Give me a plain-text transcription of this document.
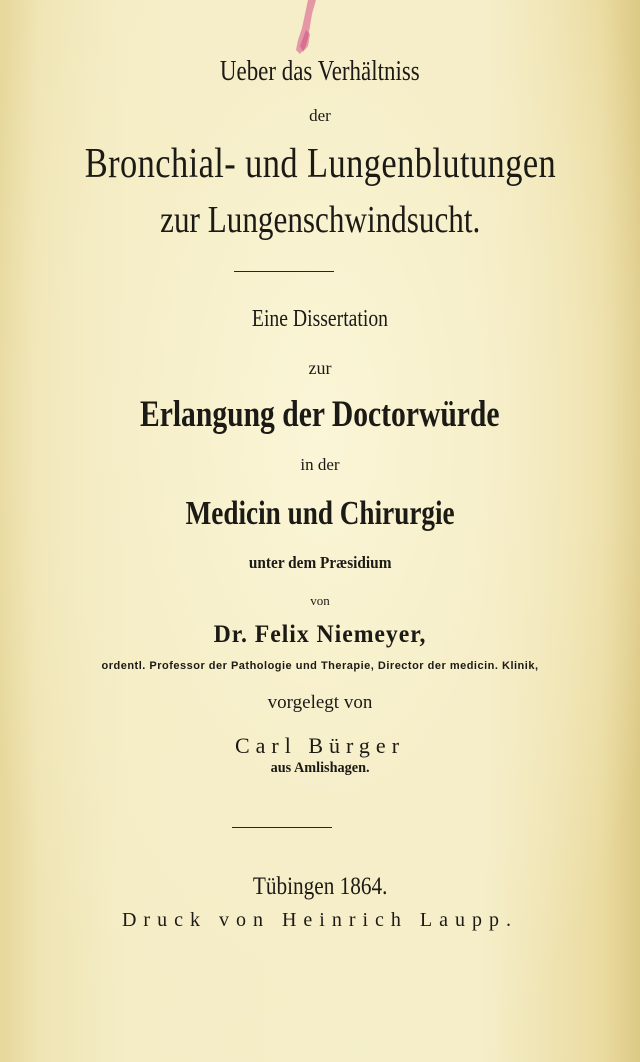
Ueber das Verhältniss
der
Bronchial- und Lungenblutungen
zur Lungenschwindsucht.
Eine Dissertation
zur
Erlangung der Doctorwürde
in der
Medicin und Chirurgie
unter dem Præsidium
von
Dr. Felix Niemeyer,
ordentl. Professor der Pathologie und Therapie, Director der medicin. Klinik,
vorgelegt von
Carl Bürger
aus Amlishagen.
Tübingen 1864.
Druck von Heinrich Laupp.
